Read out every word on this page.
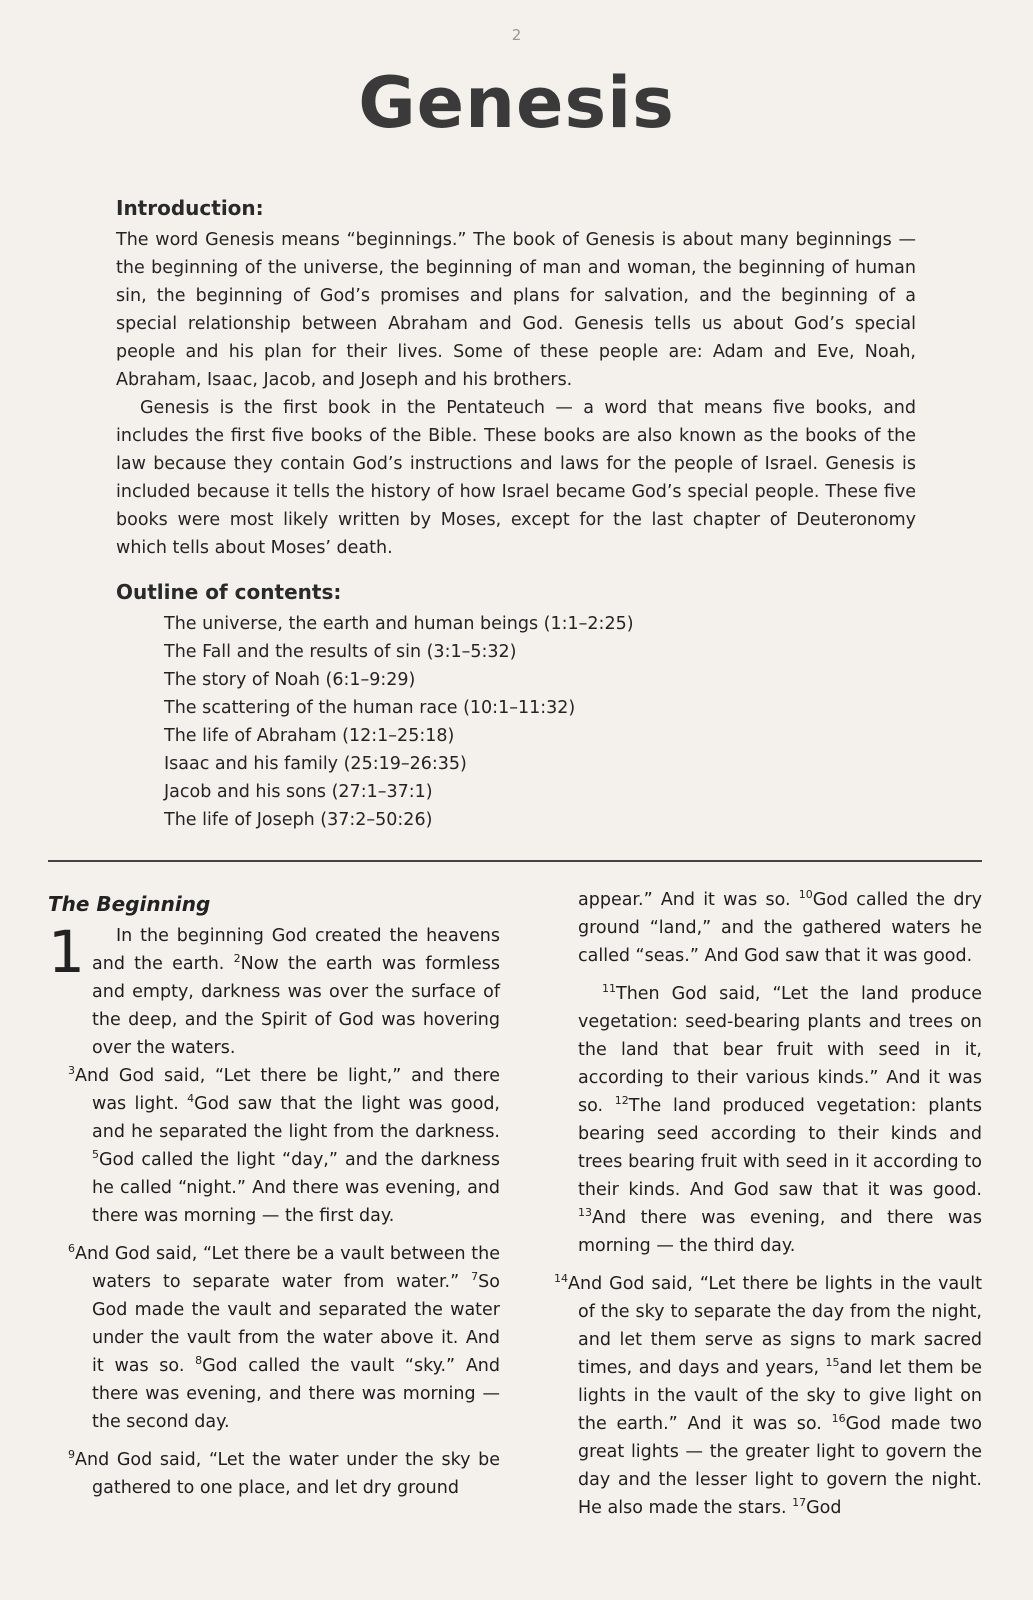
2
Genesis
Introduction:

The word Genesis means “beginnings.” The book of Genesis is about many beginnings — the beginning of the universe, the beginning of man and woman, the beginning of human sin, the beginning of God’s promises and plans for salvation, and the beginning of a special relationship between Abraham and God. Genesis tells us about God’s special people and his plan for their lives. Some of these people are: Adam and Eve, Noah, Abraham, Isaac, Jacob, and Joseph and his brothers.

Genesis is the first book in the Pentateuch — a word that means five books, and includes the first five books of the Bible. These books are also known as the books of the law because they contain God’s instructions and laws for the people of Israel. Genesis is included because it tells the history of how Israel became God’s special people. These five books were most likely written by Moses, except for the last chapter of Deuteronomy which tells about Moses’ death.

Outline of contents:
The universe, the earth and human beings (1:1–2:25)
The Fall and the results of sin (3:1–5:32)
The story of Noah (6:1–9:29)
The scattering of the human race (10:1–11:32)
The life of Abraham (12:1–25:18)
Isaac and his family (25:19–26:35)
Jacob and his sons (27:1–37:1)
The life of Joseph (37:2–50:26)
The Beginning
1	In the beginning God created the heavens and the earth. $^2$Now the earth was formless and empty, darkness was over the surface of the deep, and the Spirit of God was hovering over the waters.

$^3$And God said, “Let there be light,” and there was light. $^4$God saw that the light was good, and he separated the light from the darkness. $^5$God called the light “day,” and the darkness he called “night.” And there was evening, and there was morning — the first day.

$^6$And God said, “Let there be a vault between the waters to separate water from water.” $^7$So God made the vault and separated the water under the vault from the water above it. And it was so. $^8$God called the vault “sky.” And there was evening, and there was morning — the second day.

$^9$And God said, “Let the water under the sky be gathered to one place, and let dry ground

appear.” And it was so. $^{10}$God called the dry ground “land,” and the gathered waters he called “seas.” And God saw that it was good.

$^{11}$Then God said, “Let the land produce vegetation: seed-bearing plants and trees on the land that bear fruit with seed in it, according to their various kinds.” And it was so. $^{12}$The land produced vegetation: plants bearing seed according to their kinds and trees bearing fruit with seed in it according to their kinds. And God saw that it was good. $^{13}$And there was evening, and there was morning — the third day.

$^{14}$And God said, “Let there be lights in the vault of the sky to separate the day from the night, and let them serve as signs to mark sacred times, and days and years, $^{15}$and let them be lights in the vault of the sky to give light on the earth.” And it was so. $^{16}$God made two great lights — the greater light to govern the day and the lesser light to govern the night. He also made the stars. $^{17}$God
